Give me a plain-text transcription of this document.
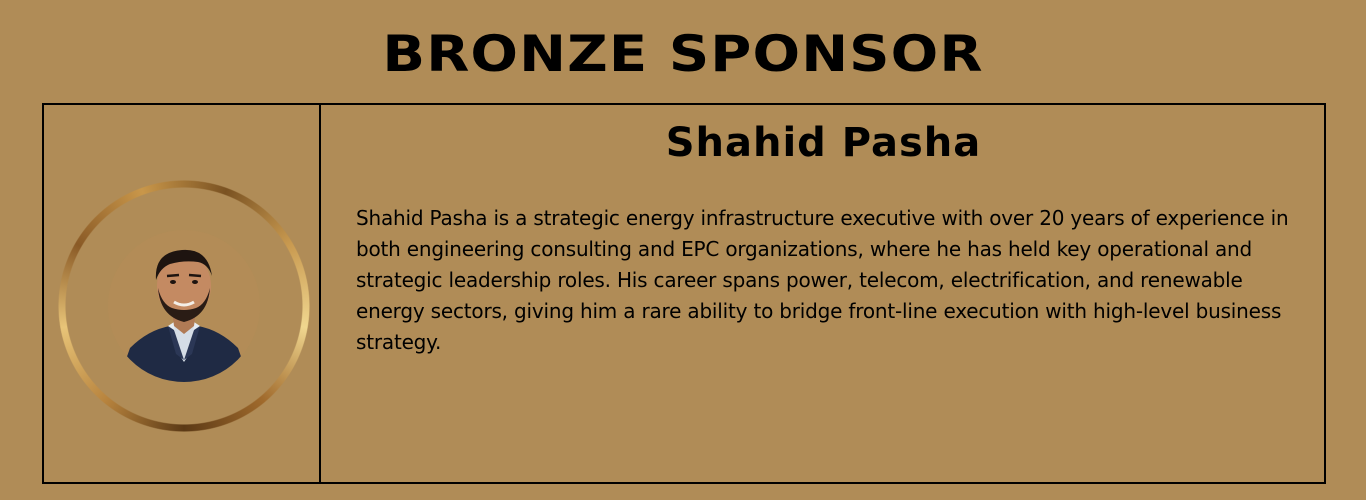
BRONZE SPONSOR
Shahid Pasha

Shahid Pasha is a strategic energy infrastructure executive with over 20 years of experience in both engineering consulting and EPC organizations, where he has held key operational and strategic leadership roles. His career spans power, telecom, electrification, and renewable energy sectors, giving him a rare ability to bridge front-line execution with high-level business strategy.
